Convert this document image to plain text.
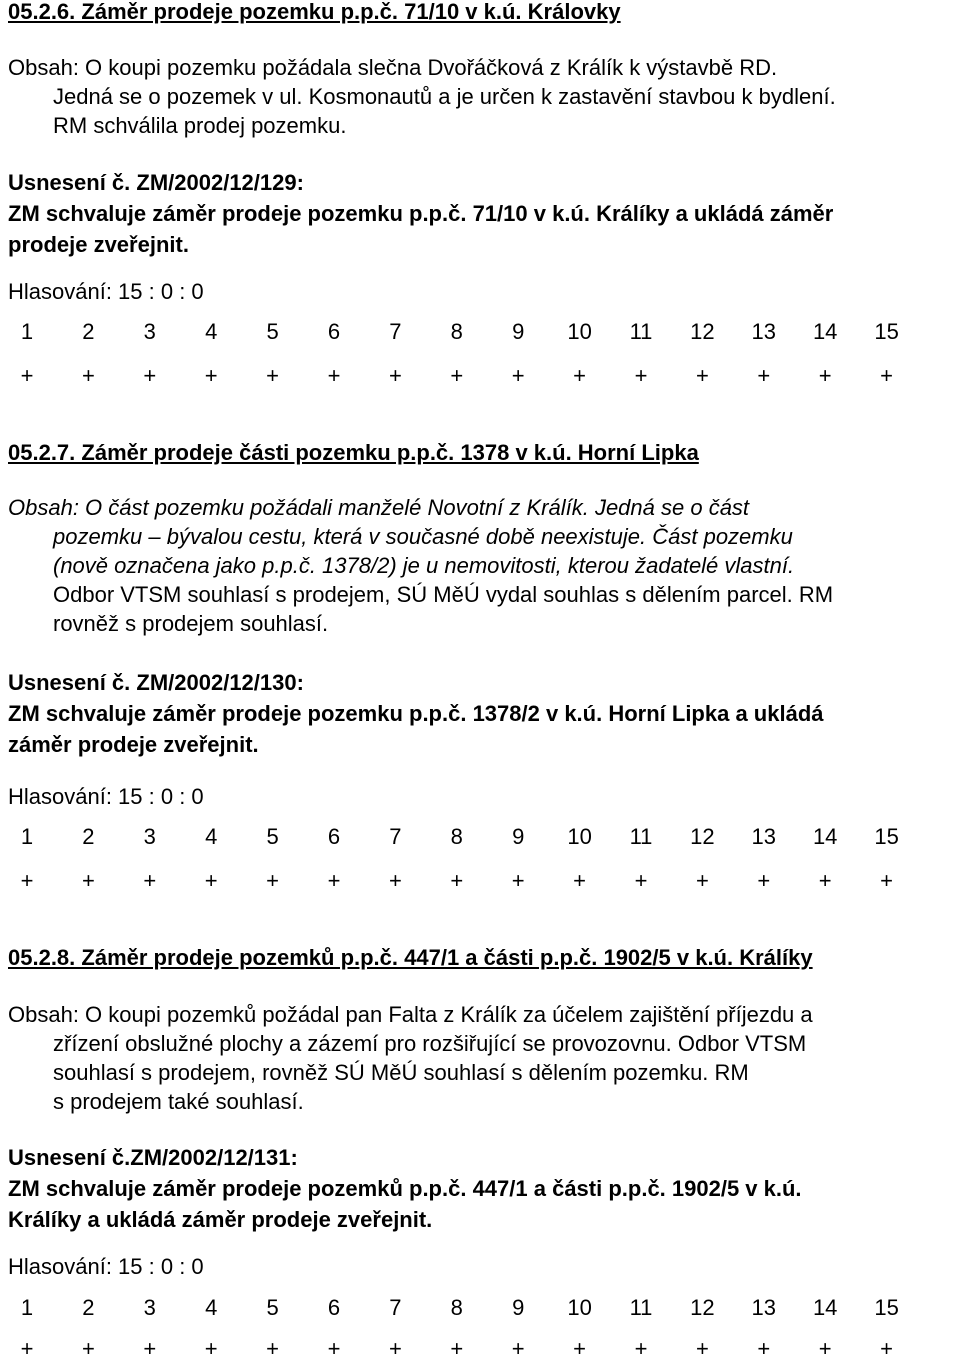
05.2.6. Záměr prodeje pozemku p.p.č. 71/10 v k.ú. Královky
Obsah: O koupi pozemku požádala slečna Dvořáčková z Králík k výstavbě RD.
Jedná se o pozemek v ul. Kosmonautů a je určen k zastavění stavbou k bydlení.
RM schválila prodej pozemku.
Usnesení č. ZM/2002/12/129:
ZM schvaluje záměr prodeje pozemku p.p.č. 71/10 v k.ú. Králíky a ukládá záměr
prodeje zveřejnit.
Hlasování: 15 : 0 : 0
1	2	3	4	5	6	7	8	9	10	11	12	13	14	15
+	+	+	+	+	+	+	+	+	+	+	+	+	+	+
05.2.7. Záměr prodeje části pozemku p.p.č. 1378 v k.ú. Horní Lipka
Obsah: O část pozemku požádali manželé Novotní z Králík. Jedná se o část
pozemku – bývalou cestu, která v současné době neexistuje. Část pozemku
(nově označena jako p.p.č. 1378/2) je u nemovitosti, kterou žadatelé vlastní.
Odbor VTSM souhlasí s prodejem, SÚ MěÚ vydal souhlas s dělením parcel. RM
rovněž s prodejem souhlasí.
Usnesení č. ZM/2002/12/130:
ZM schvaluje záměr prodeje pozemku p.p.č. 1378/2 v k.ú. Horní Lipka a ukládá
záměr prodeje zveřejnit.
Hlasování: 15 : 0 : 0
1	2	3	4	5	6	7	8	9	10	11	12	13	14	15
+	+	+	+	+	+	+	+	+	+	+	+	+	+	+
05.2.8. Záměr prodeje pozemků p.p.č. 447/1 a části p.p.č. 1902/5 v k.ú. Králíky
Obsah: O koupi pozemků požádal pan Falta z Králík za účelem zajištění příjezdu a
zřízení obslužné plochy a zázemí pro rozšiřující se provozovnu. Odbor VTSM
souhlasí s prodejem, rovněž SÚ MěÚ souhlasí s dělením pozemku. RM
s prodejem také souhlasí.
Usnesení č.ZM/2002/12/131:
ZM schvaluje záměr prodeje pozemků p.p.č. 447/1 a části p.p.č. 1902/5 v k.ú.
Králíky a ukládá záměr prodeje zveřejnit.
Hlasování: 15 : 0 : 0
1	2	3	4	5	6	7	8	9	10	11	12	13	14	15
+	+	+	+	+	+	+	+	+	+	+	+	+	+	+
